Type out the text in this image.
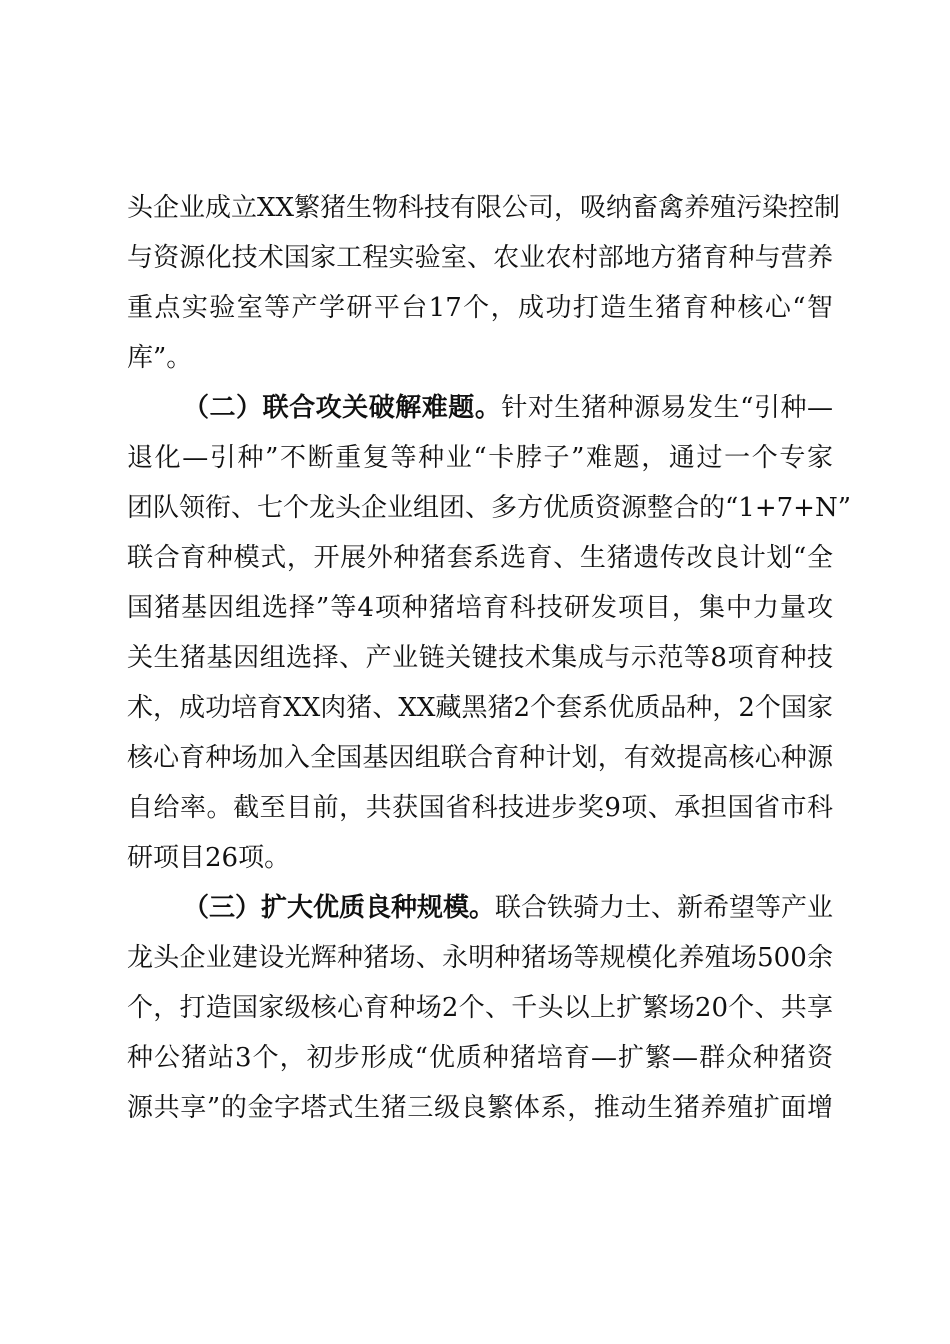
头企业成立XX繁猪生物科技有限公司，吸纳畜禽养殖污染控制
与资源化技术国家工程实验室、农业农村部地方猪育种与营养
重点实验室等产学研平台17个，成功打造生猪育种核心“智
库”。
（二）联合攻关破解难题。针对生猪种源易发生“引种—
退化—引种”不断重复等种业“卡脖子”难题，通过一个专家
团队领衔、七个龙头企业组团、多方优质资源整合的“1+7+N”
联合育种模式，开展外种猪套系选育、生猪遗传改良计划“全
国猪基因组选择”等4项种猪培育科技研发项目，集中力量攻
关生猪基因组选择、产业链关键技术集成与示范等8项育种技
术，成功培育XX肉猪、XX藏黑猪2个套系优质品种，2个国家
核心育种场加入全国基因组联合育种计划，有效提高核心种源
自给率。截至目前，共获国省科技进步奖9项、承担国省市科
研项目26项。
（三）扩大优质良种规模。联合铁骑力士、新希望等产业
龙头企业建设光辉种猪场、永明种猪场等规模化养殖场500余
个，打造国家级核心育种场2个、千头以上扩繁场20个、共享
种公猪站3个，初步形成“优质种猪培育—扩繁—群众种猪资
源共享”的金字塔式生猪三级良繁体系，推动生猪养殖扩面增
